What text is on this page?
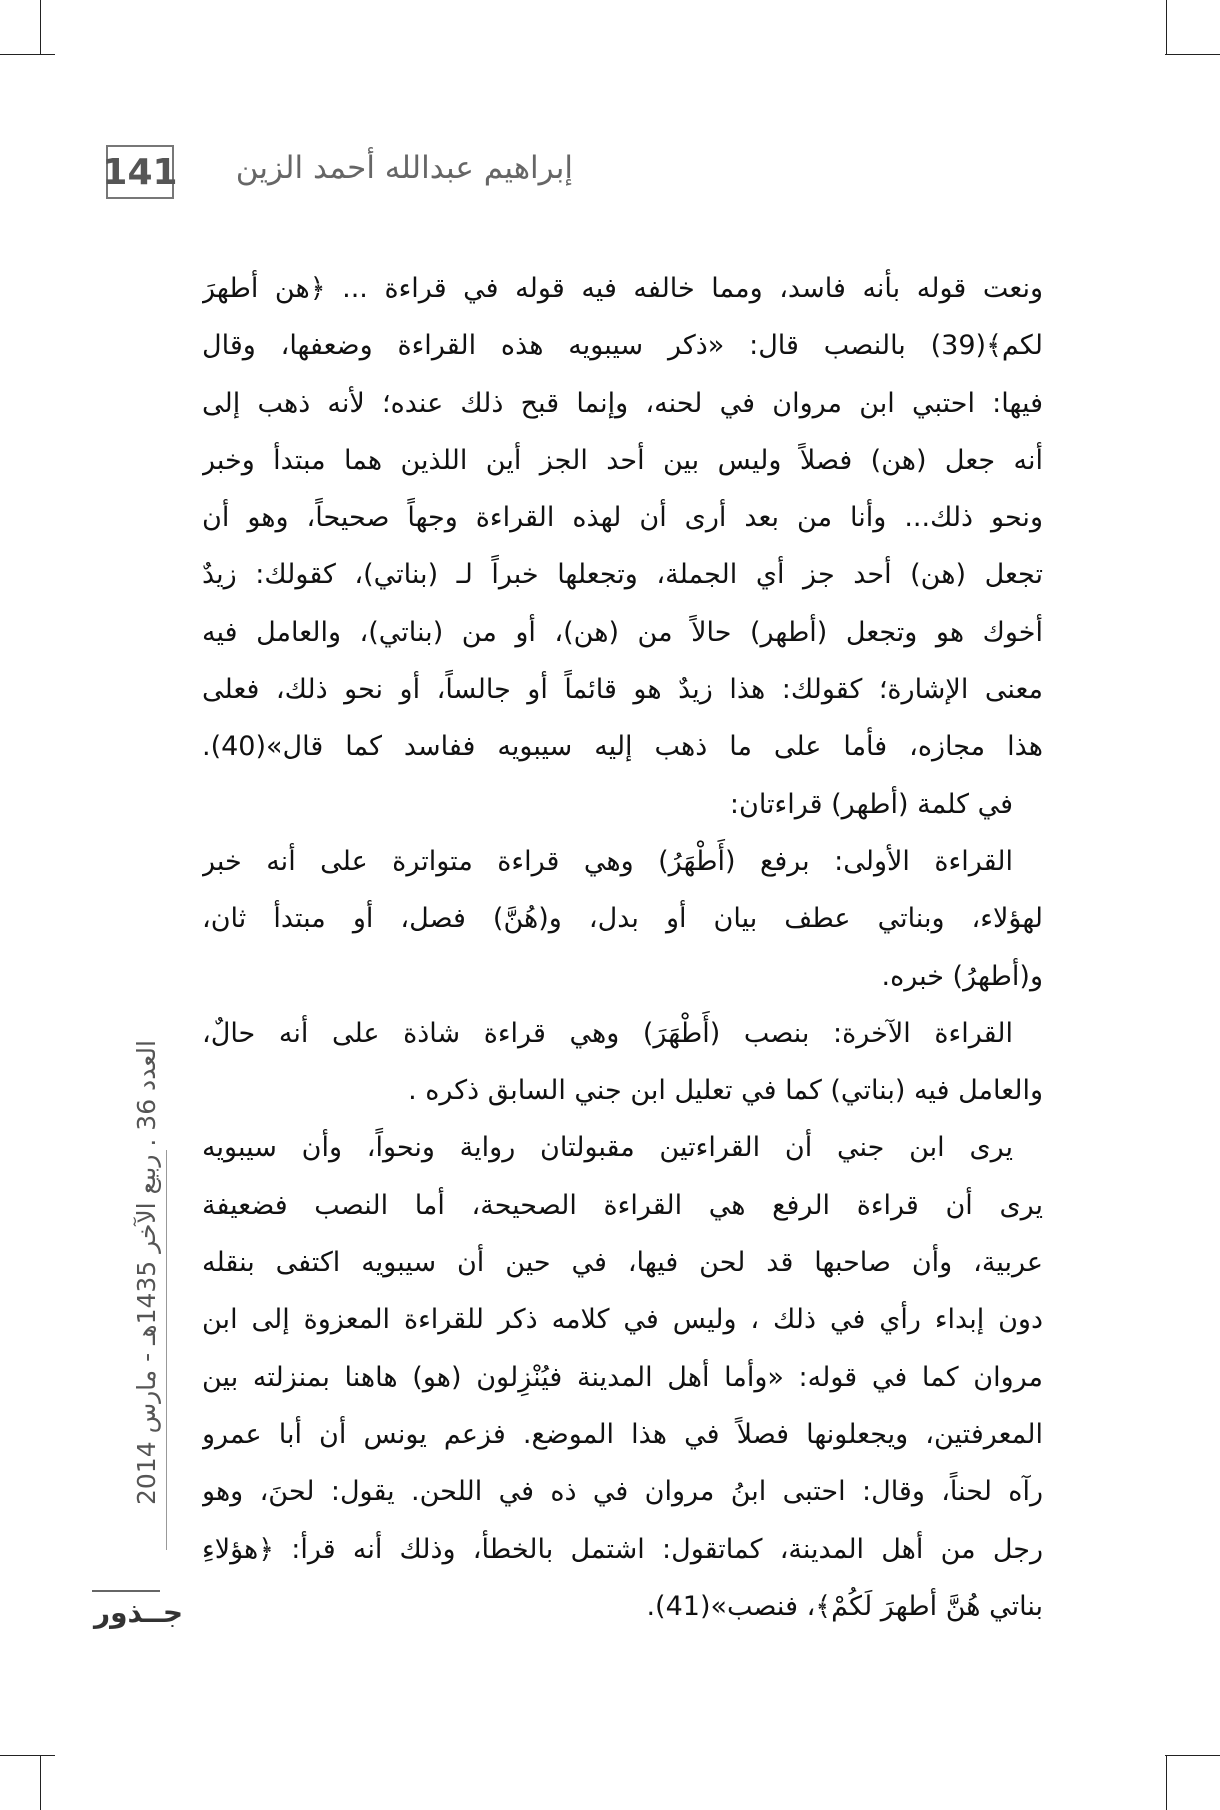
141 إبراهيم عبدالله أحمد الزين
ونعت قوله بأنه فاسد، ومما خالفه فيه قوله في قراءة ... ﴿هن أطهرَ
لكم﴾(39) بالنصب قال: «ذكر سيبويه هذه القراءة وضعفها، وقال
فيها: احتبي ابن مروان في لحنه، وإنما قبح ذلك عنده؛ لأنه ذهب إلى
أنه جعل (هن) فصلاً وليس بين أحد الجز أين اللذين هما مبتدأ وخبر
ونحو ذلك... وأنا من بعد أرى أن لهذه القراءة وجهاً صحيحاً، وهو أن
تجعل (هن) أحد جز أي الجملة، وتجعلها خبراً لـ (بناتي)، كقولك: زيدٌ
أخوك هو وتجعل (أطهر) حالاً من (هن)، أو من (بناتي)، والعامل فيه
معنى الإشارة؛ كقولك: هذا زيدٌ هو قائماً أو جالساً، أو نحو ذلك، فعلى
هذا مجازه، فأما على ما ذهب إليه سيبويه ففاسد كما قال»(40).
في كلمة (أطهر) قراءتان:
القراءة الأولى: برفع (أَطْهَرُ) وهي قراءة متواترة على أنه خبر
لهؤلاء، وبناتي عطف بيان أو بدل، و(هُنَّ) فصل، أو مبتدأ ثان،
و(أطهرُ) خبره.
القراءة الآخرة: بنصب (أَطْهَرَ) وهي قراءة شاذة على أنه حالٌ،
والعامل فيه (بناتي) كما في تعليل ابن جني السابق ذكره .
يرى ابن جني أن القراءتين مقبولتان رواية ونحواً، وأن سيبويه
يرى أن قراءة الرفع هي القراءة الصحيحة، أما النصب فضعيفة
عربية، وأن صاحبها قد لحن فيها، في حين أن سيبويه اكتفى بنقله
دون إبداء رأي في ذلك ، وليس في كلامه ذكر للقراءة المعزوة إلى ابن
مروان كما في قوله: «وأما أهل المدينة فيُنْزِلون (هو) هاهنا بمنزلته بين
المعرفتين، ويجعلونها فصلاً في هذا الموضع. فزعم يونس أن أبا عمرو
رآه لحناً، وقال: احتبى ابنُ مروان في ذه في اللحن. يقول: لحنَ، وهو
رجل من أهل المدينة، كماتقول: اشتمل بالخطأ، وذلك أنه قرأ: ﴿هؤلاءِ
بناتي هُنَّ أطهرَ لَكُمْ﴾، فنصب»(41).
العدد 36 . ربيع الآخر 1435هـ - مارس 2014
جــذور
